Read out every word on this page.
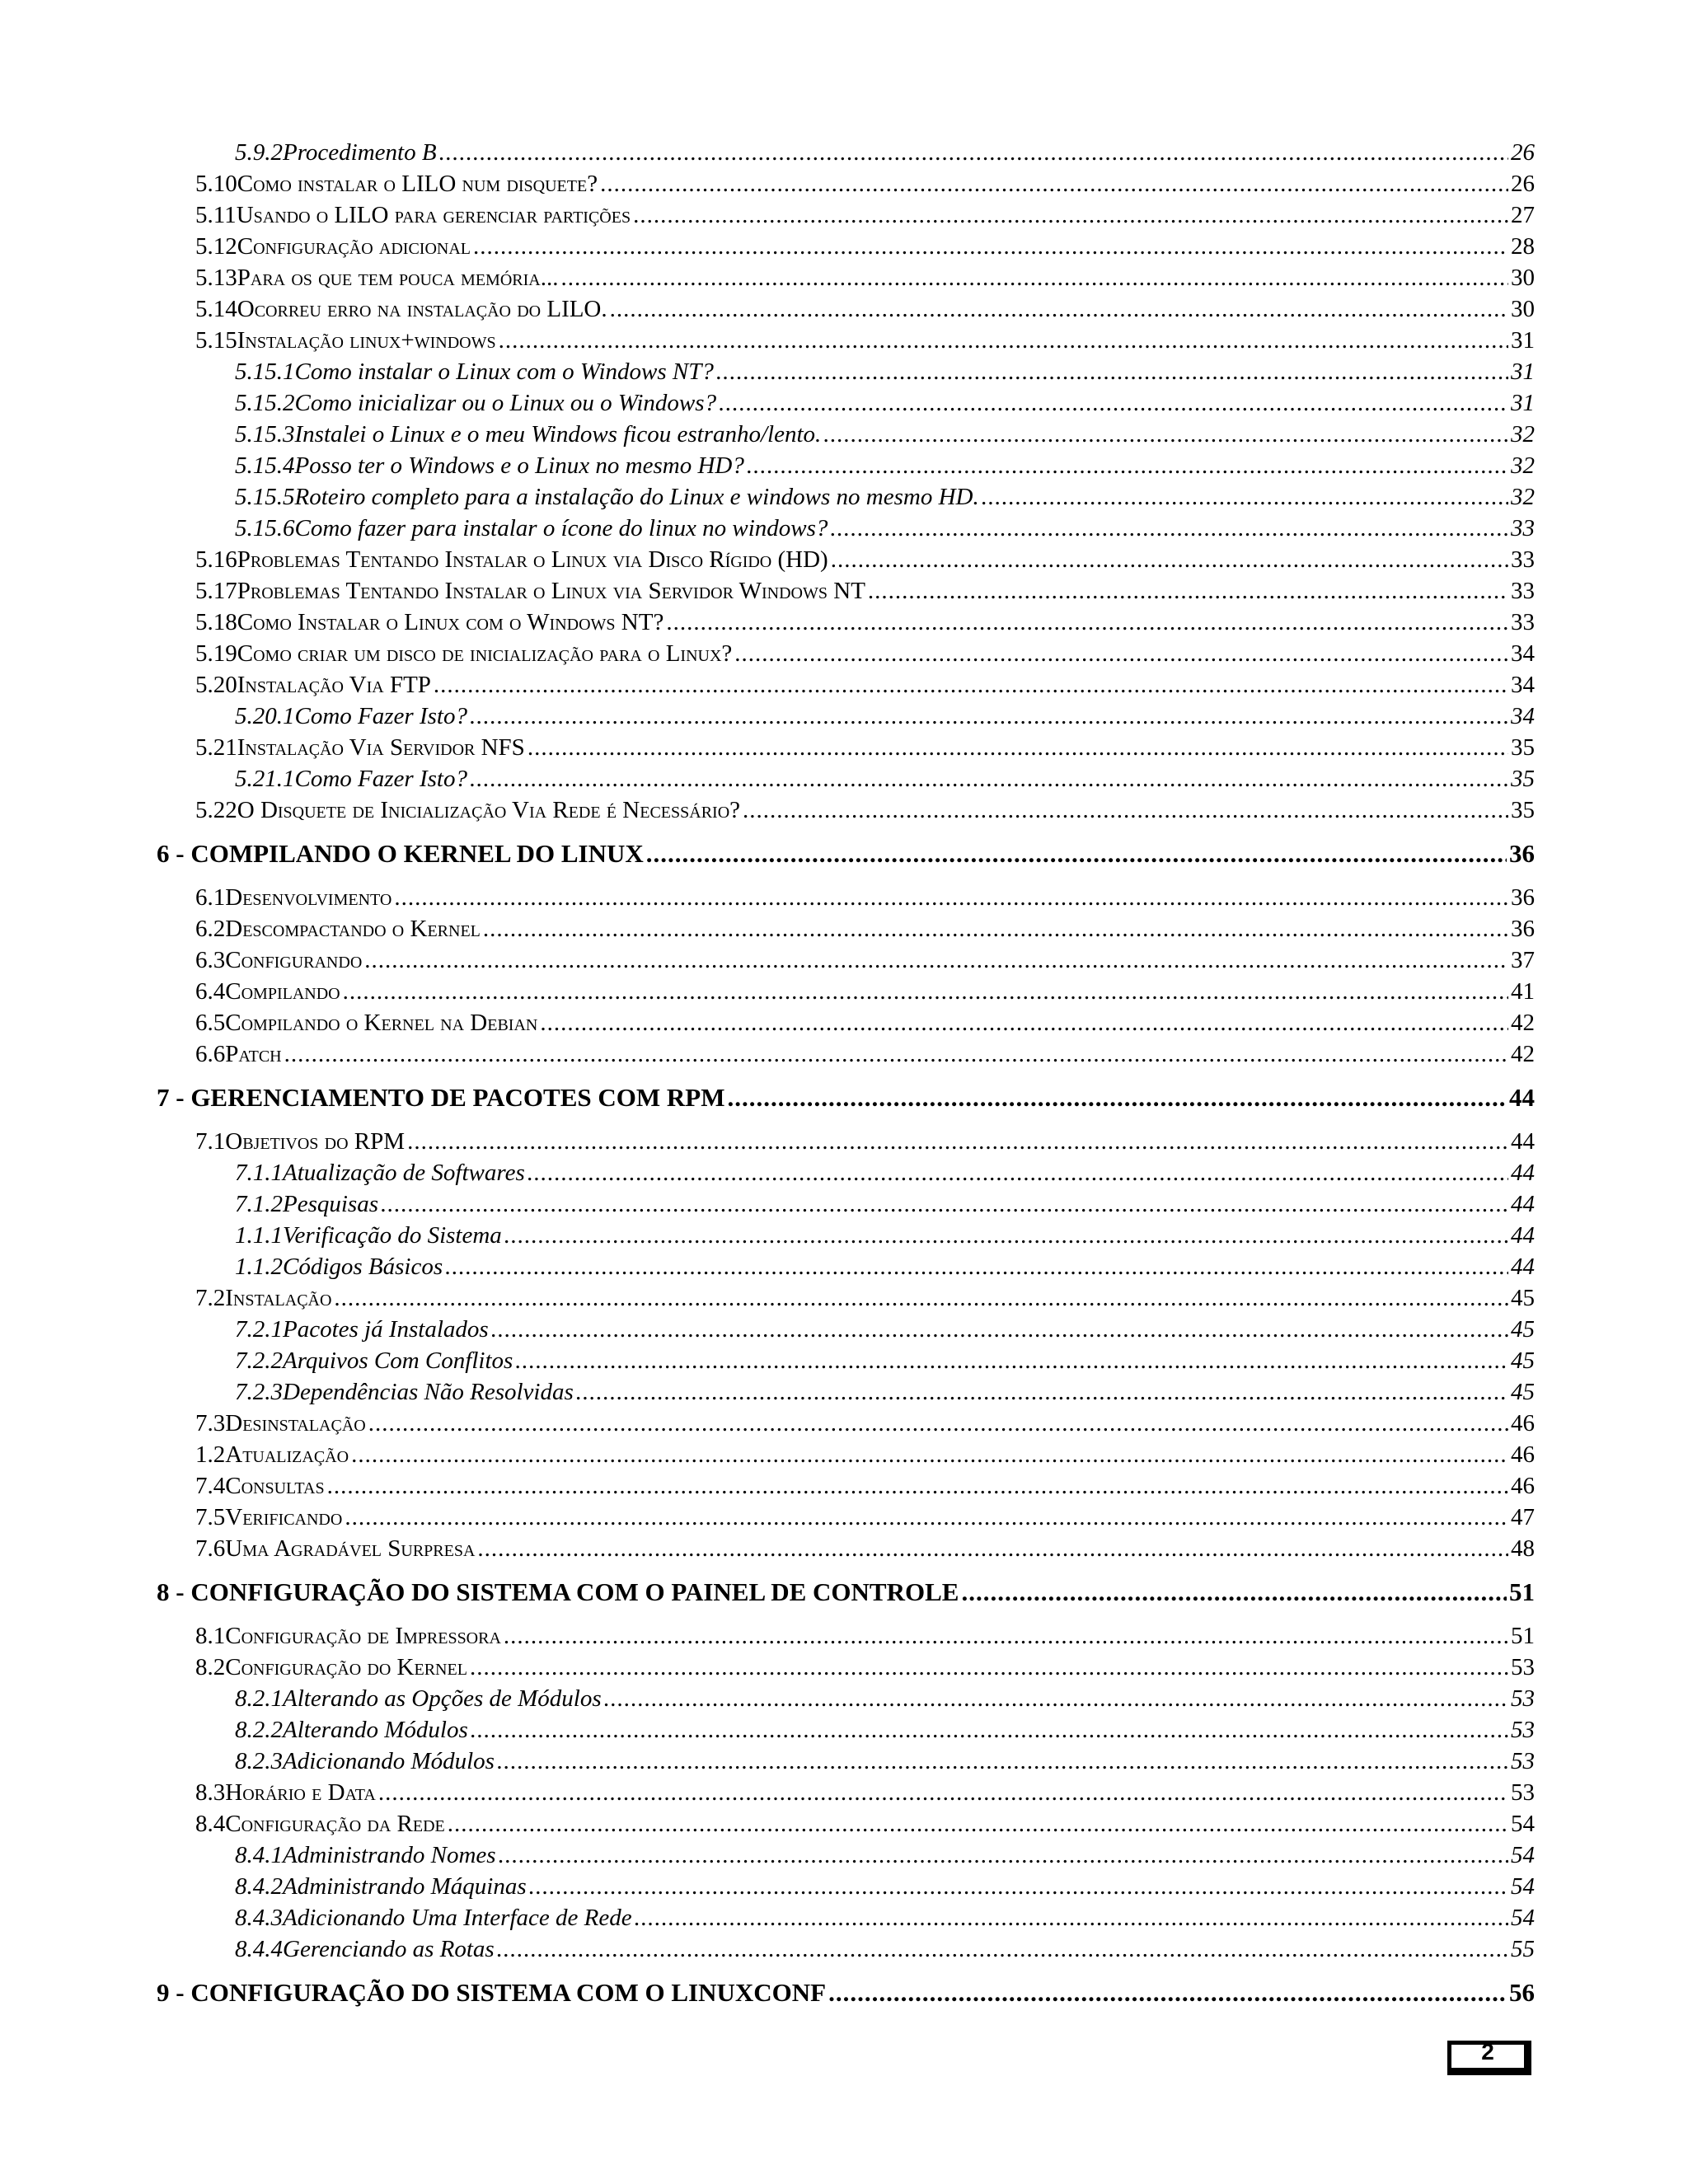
5.9.2 Procedimento B .....	26
5.10 Como instalar o LILO num disquete? .....	26
5.11 Usando o LILO para gerenciar partições .....	27
5.12 Configuração adicional .....	28
5.13 Para os que tem pouca memória... .....	30
5.14 Ocorreu erro na instalação do LILO. .....	30
5.15 Instalação linux+windows .....	31
5.15.1 Como instalar o Linux com o Windows NT? .....	31
5.15.2 Como inicializar ou o Linux ou o Windows? .....	31
5.15.3 Instalei o Linux e o meu Windows ficou estranho/lento. .....	32
5.15.4 Posso ter o Windows e o Linux no mesmo HD? .....	32
5.15.5 Roteiro completo para a instalação do Linux e windows no mesmo HD. .....	32
5.15.6 Como fazer para instalar o ícone do linux no windows? .....	33
5.16 Problemas Tentando Instalar o Linux via Disco Rígido (HD) .....	33
5.17 Problemas Tentando Instalar o Linux via Servidor Windows NT .....	33
5.18 Como Instalar o Linux com o Windows NT? .....	33
5.19 Como criar um disco de inicialização para o Linux? .....	34
5.20 Instalação Via FTP .....	34
5.20.1 Como Fazer Isto? .....	34
5.21 Instalação Via Servidor NFS .....	35
5.21.1 Como Fazer Isto? .....	35
5.22 O Disquete de Inicialização Via Rede é Necessário? .....	35
6 - COMPILANDO O KERNEL DO LINUX .....	36
6.1 Desenvolvimento .....	36
6.2 Descompactando o Kernel .....	36
6.3 Configurando .....	37
6.4 Compilando .....	41
6.5 Compilando o Kernel na Debian .....	42
6.6 Patch .....	42
7 - GERENCIAMENTO DE PACOTES COM RPM .....	44
7.1 Objetivos do RPM .....	44
7.1.1 Atualização de Softwares .....	44
7.1.2 Pesquisas .....	44
1.1.1 Verificação do Sistema .....	44
1.1.2 Códigos Básicos .....	44
7.2 Instalação .....	45
7.2.1 Pacotes já Instalados .....	45
7.2.2 Arquivos Com Conflitos .....	45
7.2.3 Dependências Não Resolvidas .....	45
7.3 Desinstalação .....	46
1.2 Atualização .....	46
7.4 Consultas .....	46
7.5 Verificando .....	47
7.6 Uma Agradável Surpresa .....	48
8 - CONFIGURAÇÃO DO SISTEMA COM O PAINEL DE CONTROLE .....	51
8.1 Configuração de Impressora .....	51
8.2 Configuração do Kernel .....	53
8.2.1 Alterando as Opções de Módulos .....	53
8.2.2 Alterando Módulos .....	53
8.2.3 Adicionando Módulos .....	53
8.3 Horário e Data .....	53
8.4 Configuração da Rede .....	54
8.4.1 Administrando Nomes .....	54
8.4.2 Administrando Máquinas .....	54
8.4.3 Adicionando Uma Interface de Rede .....	54
8.4.4 Gerenciando as Rotas .....	55
9 - CONFIGURAÇÃO DO SISTEMA COM O LINUXCONF .....	56
2
